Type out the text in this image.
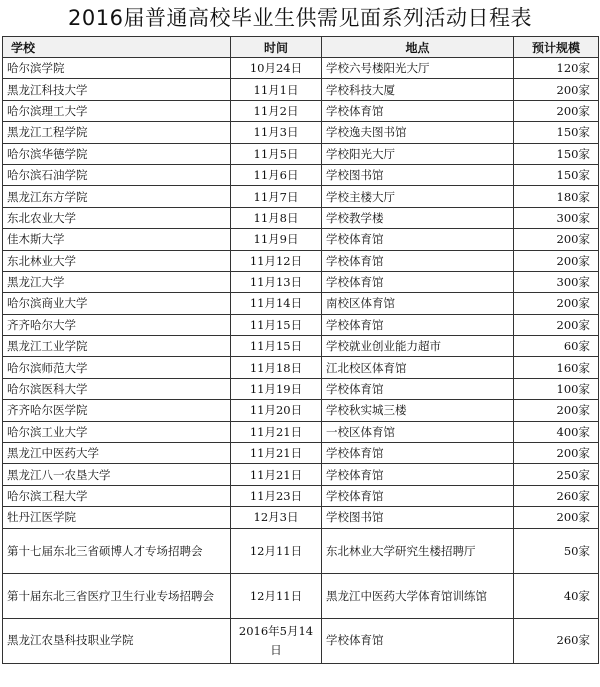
2016届普通高校毕业生供需见面系列活动日程表
学校	时间	地点	预计规模
哈尔滨学院	10月24日	学校六号楼阳光大厅	120家
黑龙江科技大学	11月1日	学校科技大厦	200家
哈尔滨理工大学	11月2日	学校体育馆	200家
黑龙江工程学院	11月3日	学校逸夫图书馆	150家
哈尔滨华德学院	11月5日	学校阳光大厅	150家
哈尔滨石油学院	11月6日	学校图书馆	150家
黑龙江东方学院	11月7日	学校主楼大厅	180家
东北农业大学	11月8日	学校教学楼	300家
佳木斯大学	11月9日	学校体育馆	200家
东北林业大学	11月12日	学校体育馆	200家
黑龙江大学	11月13日	学校体育馆	300家
哈尔滨商业大学	11月14日	南校区体育馆	200家
齐齐哈尔大学	11月15日	学校体育馆	200家
黑龙江工业学院	11月15日	学校就业创业能力超市	60家
哈尔滨师范大学	11月18日	江北校区体育馆	160家
哈尔滨医科大学	11月19日	学校体育馆	100家
齐齐哈尔医学院	11月20日	学校秋实城三楼	200家
哈尔滨工业大学	11月21日	一校区体育馆	400家
黑龙江中医药大学	11月21日	学校体育馆	200家
黑龙江八一农垦大学	11月21日	学校体育馆	250家
哈尔滨工程大学	11月23日	学校体育馆	260家
牡丹江医学院	12月3日	学校图书馆	200家
第十七届东北三省硕博人才专场招聘会	12月11日	东北林业大学研究生楼招聘厅	50家
第十届东北三省医疗卫生行业专场招聘会	12月11日	黑龙江中医药大学体育馆训练馆	40家
黑龙江农垦科技职业学院	2016年5月14日	学校体育馆	260家
